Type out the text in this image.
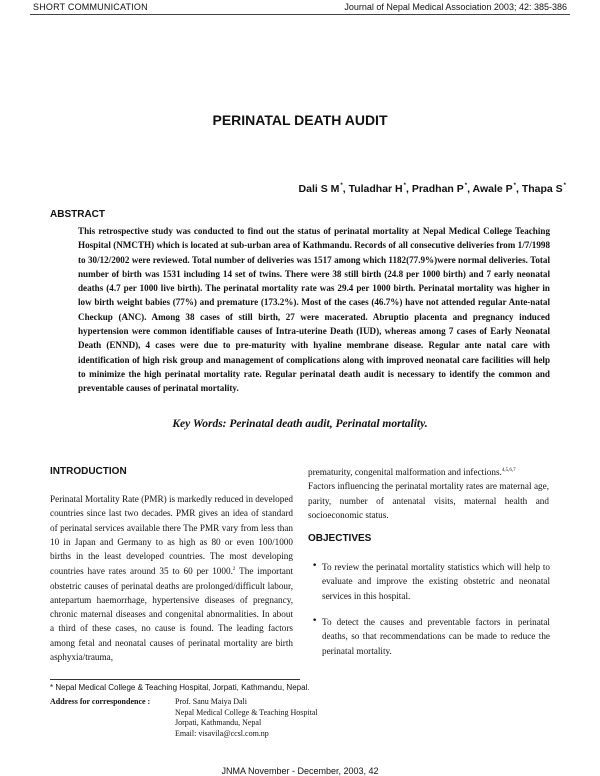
SHORT COMMUNICATION	Journal of Nepal Medical Association 2003; 42: 385-386
PERINATAL DEATH AUDIT
Dali S M*, Tuladhar H*, Pradhan P*, Awale P*, Thapa S*
ABSTRACT

This retrospective study was conducted to find out the status of perinatal mortality at Nepal Medical College Teaching Hospital (NMCTH) which is located at sub-urban area of Kathmandu. Records of all consecutive deliveries from 1/7/1998 to 30/12/2002 were reviewed. Total number of deliveries was 1517 among which 1182(77.9%)were normal deliveries. Total number of birth was 1531 including 14 set of twins. There were 38 still birth (24.8 per 1000 birth) and 7 early neonatal deaths (4.7 per 1000 live birth). The perinatal mortality rate was 29.4 per 1000 birth. Perinatal mortality was higher in low birth weight babies (77%) and premature (173.2%). Most of the cases (46.7%) have not attended regular Ante-natal Checkup (ANC). Among 38 cases of still birth, 27 were macerated. Abruptio placenta and pregnancy induced hypertension were common identifiable causes of Intra-uterine Death (IUD), whereas among 7 cases of Early Neonatal Death (ENND), 4 cases were due to pre-maturity with hyaline membrane disease. Regular ante natal care with identification of high risk group and management of complications along with improved neonatal care facilities will help to minimize the high perinatal mortality rate. Regular perinatal death audit is necessary to identify the common and preventable causes of perinatal mortality.

Key Words: Perinatal death audit, Perinatal mortality.
INTRODUCTION

Perinatal Mortality Rate (PMR) is markedly reduced in developed countries since last two decades. PMR gives an idea of standard of perinatal services available there The PMR vary from less than 10 in Japan and Germany to as high as 80 or even 100/1000 births in the least developed countries. The most developing countries have rates around 35 to 60 per 1000.$^2$ The important obstetric causes of perinatal deaths are prolonged/difficult labour, antepartum haemorrhage, hypertensive diseases of pregnancy, chronic maternal diseases and congenital abnormalities. In about a third of these cases, no cause is found. The leading factors among fetal and neonatal causes of perinatal mortality are birth asphyxia/trauma,

prematurity, congenital malformation and infections.$^{4,5,6,7}$
Factors influencing the perinatal mortality rates are maternal age, parity, number of antenatal visits, maternal health and socioeconomic status.

OBJECTIVES
• To review the perinatal mortality statistics which will help to evaluate and improve the existing obstetric and neonatal services in this hospital.

• To detect the causes and preventable factors in perinatal deaths, so that recommendations can be made to reduce the perinatal mortality.

* Nepal Medical College & Teaching Hospital, Jorpati, Kathmandu, Nepal.
Address for correspondence :	Prof. Sanu Maiya Dali
Nepal Medical College & Teaching Hospital
Jorpati, Kathmandu, Nepal
Email: visavila@ccsl.com.np
JNMA November - December, 2003, 42
